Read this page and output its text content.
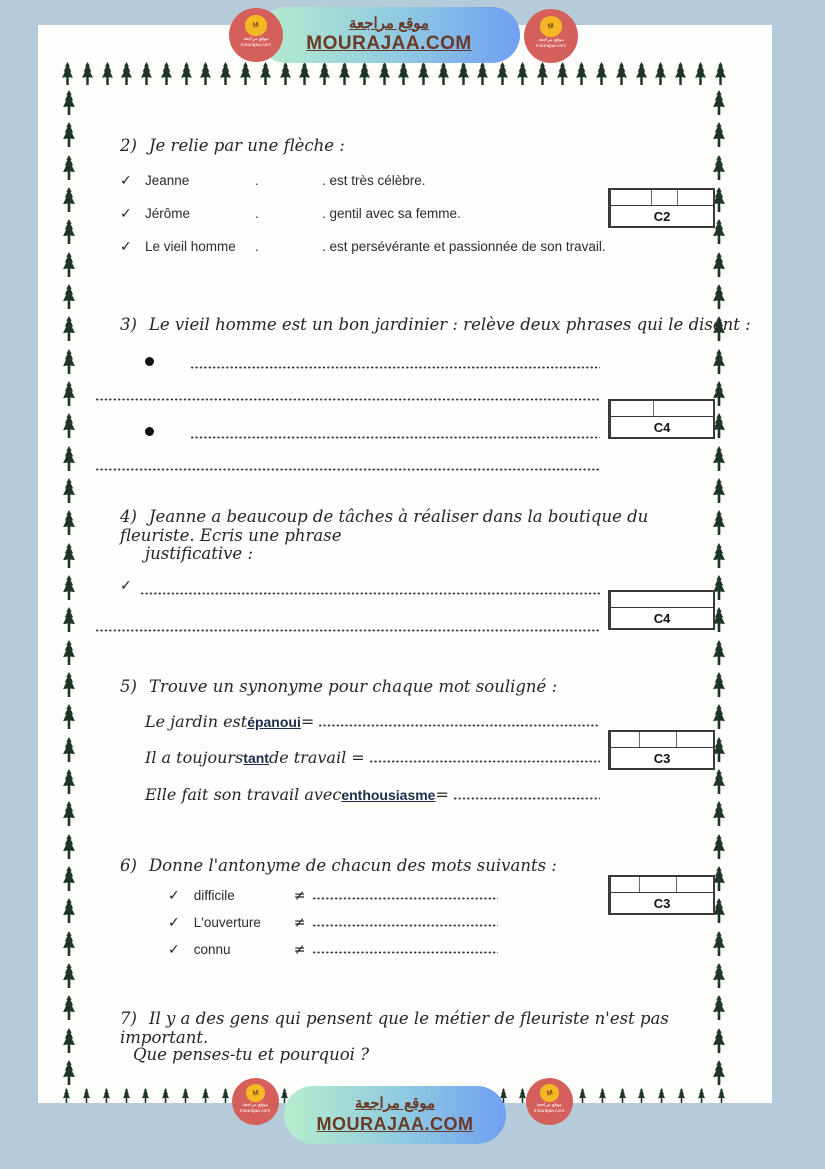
M
موقع مراجعة
mourajaa.com
موقع مراجعة
MOURAJAA.COM
M
موقع مراجعة
mourajaa.com
2) Je relie par une flèche :
✓ Jeanne	.	. est très célèbre.
✓ Jérôme	.	. gentil avec sa femme.
✓ Le vieil homme .	. est persévérante et passionnée de son travail.
C2
3) Le vieil homme est un bon jardinier : relève deux phrases qui le disent :
C4
4) Jeanne a beaucoup de tâches à réaliser dans la boutique du fleuriste. Ecris une phrase
justificative :
✓
C4
5) Trouve un synonyme pour chaque mot souligné :
Le jardin est épanoui =
Il a toujours tant de travail =
Elle fait son travail avec enthousiasme =
C3
6) Donne l'antonyme de chacun des mots suivants :
✓ difficile	≠
✓ L'ouverture	≠
✓ connu	≠
C3
7) Il y a des gens qui pensent que le métier de fleuriste n'est pas important.
Que penses-tu et pourquoi ?
M
موقع مراجعة
mourajaa.com	موقع مراجعة
MOURAJAA.COM
M
موقع مراجعة
mourajaa.com
